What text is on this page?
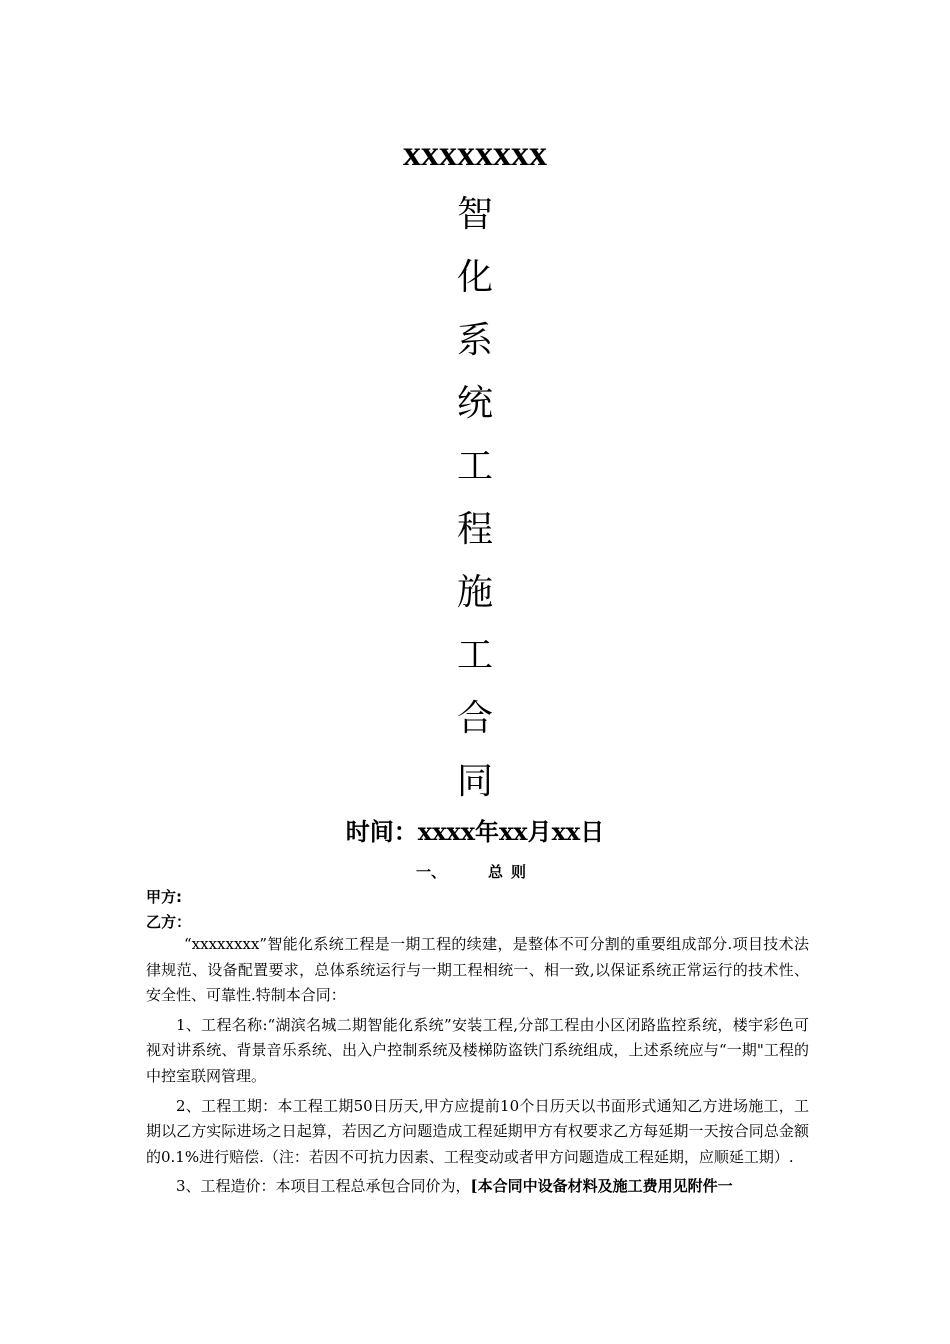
xxxxxxxx
智
化
系
统
工
程
施
工
合
同
时间：xxxx年xx月xx日
一、	总则
甲方:
乙方：

“xxxxxxxx”智能化系统工程是一期工程的续建，是整体不可分割的重要组成部分.项目技术法律规范、设备配置要求，总体系统运行与一期工程相统一、相一致,以保证系统正常运行的技术性、安全性、可靠性.特制本合同：

1、工程名称:“湖滨名城二期智能化系统”安装工程,分部工程由小区闭路监控系统，楼宇彩色可视对讲系统、背景音乐系统、出入户控制系统及楼梯防盗铁门系统组成，上述系统应与“一期"工程的中控室联网管理。

2、工程工期：本工程工期50日历天,甲方应提前10个日历天以书面形式通知乙方进场施工，工期以乙方实际进场之日起算，若因乙方问题造成工程延期甲方有权要求乙方每延期一天按合同总金额的0.1%进行赔偿.（注：若因不可抗力因素、工程变动或者甲方问题造成工程延期，应顺延工期）.

3、工程造价：本项目工程总承包合同价为，[本合同中设备材料及施工费用见附件一
